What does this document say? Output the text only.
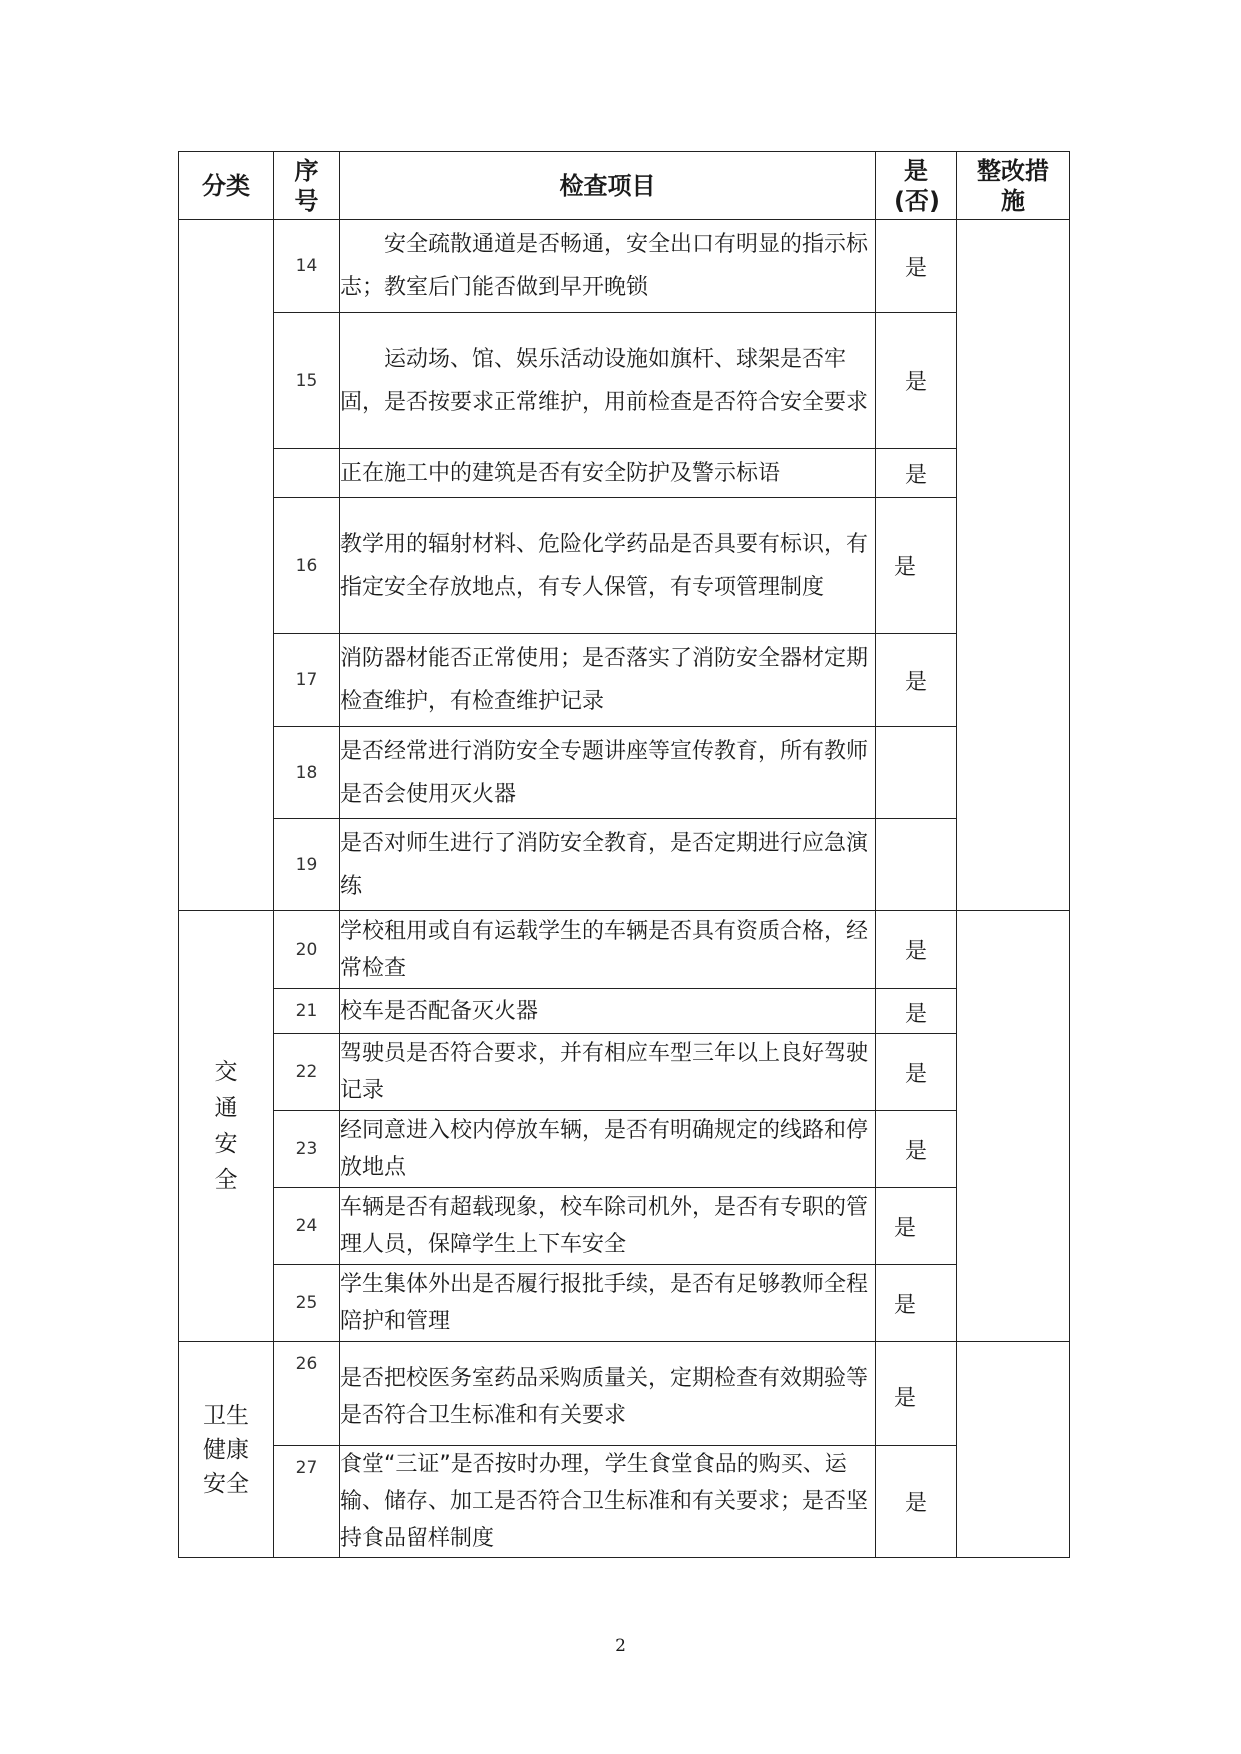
分类	序号	检查项目	是(否)	整改措施

	14	安全疏散通道是否畅通，安全出口有明显的指示标志；教室后门能否做到早开晚锁	是	
	15	运动场、馆、娱乐活动设施如旗杆、球架是否牢固，是否按要求正常维护，用前检查是否符合安全要求	是	
		正在施工中的建筑是否有安全防护及警示标语	是	
	16	教学用的辐射材料、危险化学药品是否具要有标识，有指定安全存放地点，有专人保管，有专项管理制度	是	
	17	消防器材能否正常使用；是否落实了消防安全器材定期检查维护，有检查维护记录	是	
	18	是否经常进行消防安全专题讲座等宣传教育，所有教师是否会使用灭火器		
	19	是否对师生进行了消防安全教育，是否定期进行应急演练		

交通安全	20	学校租用或自有运载学生的车辆是否具有资质合格，经常检查	是	
	21	校车是否配备灭火器	是	
	22	驾驶员是否符合要求，并有相应车型三年以上良好驾驶记录	是	
	23	经同意进入校内停放车辆，是否有明确规定的线路和停放地点	是	
	24	车辆是否有超载现象，校车除司机外，是否有专职的管理人员，保障学生上下车安全	是	
	25	学生集体外出是否履行报批手续，是否有足够教师全程陪护和管理	是	

卫生健康安全	26	是否把校医务室药品采购质量关，定期检查有效期验等是否符合卫生标准和有关要求	是	
	27	食堂“三证”是否按时办理，学生食堂食品的购买、运输、储存、加工是否符合卫生标准和有关要求；是否坚持食品留样制度	是	
2
